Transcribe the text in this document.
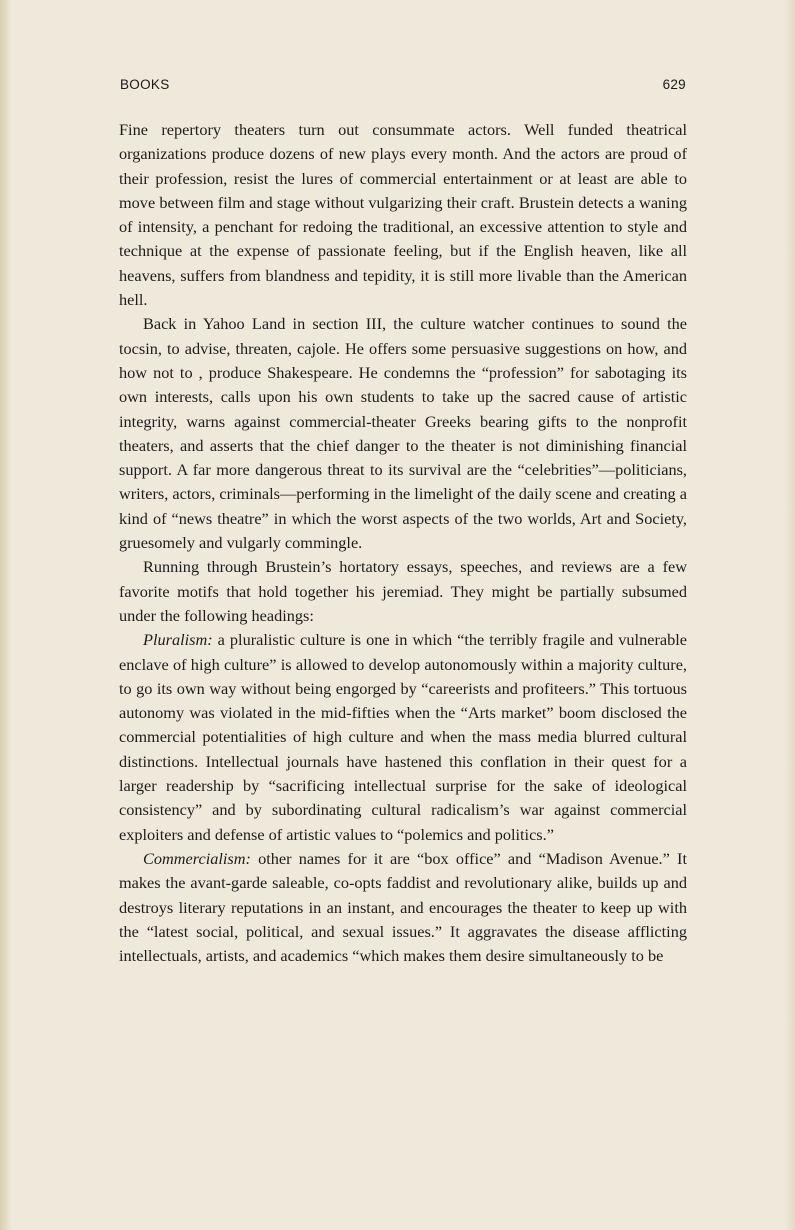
BOOKS	629

Fine repertory theaters turn out consummate actors. Well funded theatrical organizations produce dozens of new plays every month. And the actors are proud of their profession, resist the lures of commercial entertainment or at least are able to move between film and stage without vulgarizing their craft. Brustein detects a waning of intensity, a penchant for redoing the traditional, an excessive attention to style and technique at the expense of passionate feeling, but if the English heaven, like all heavens, suffers from blandness and tepidity, it is still more livable than the American hell.

Back in Yahoo Land in section III, the culture watcher continues to sound the tocsin, to advise, threaten, cajole. He offers some persuasive suggestions on how, and how not to , produce Shakespeare. He condemns the “profession” for sabotaging its own interests, calls upon his own students to take up the sacred cause of artistic integrity, warns against commercial-theater Greeks bearing gifts to the nonprofit theaters, and asserts that the chief danger to the theater is not diminishing financial support. A far more dangerous threat to its survival are the “celebrities”—politicians, writers, actors, criminals—performing in the limelight of the daily scene and creating a kind of “news theatre” in which the worst aspects of the two worlds, Art and Society, gruesomely and vulgarly commingle.

Running through Brustein’s hortatory essays, speeches, and reviews are a few favorite motifs that hold together his jeremiad. They might be partially subsumed under the following headings:

Pluralism: a pluralistic culture is one in which “the terribly fragile and vulnerable enclave of high culture” is allowed to develop autonomously within a majority culture, to go its own way without being engorged by “careerists and profiteers.” This tortuous autonomy was violated in the mid-fifties when the “Arts market” boom disclosed the commercial potentialities of high culture and when the mass media blurred cultural distinctions. Intellectual journals have hastened this conflation in their quest for a larger readership by “sacrificing intellectual surprise for the sake of ideological consistency” and by subordinating cultural radicalism’s war against commercial exploiters and defense of artistic values to “polemics and politics.”

Commercialism: other names for it are “box office” and “Madison Avenue.” It makes the avant-garde saleable, co-opts faddist and revolutionary alike, builds up and destroys literary reputations in an instant, and encourages the theater to keep up with the “latest social, political, and sexual issues.” It aggravates the disease afflicting intellectuals, artists, and academics “which makes them desire simultaneously to be
